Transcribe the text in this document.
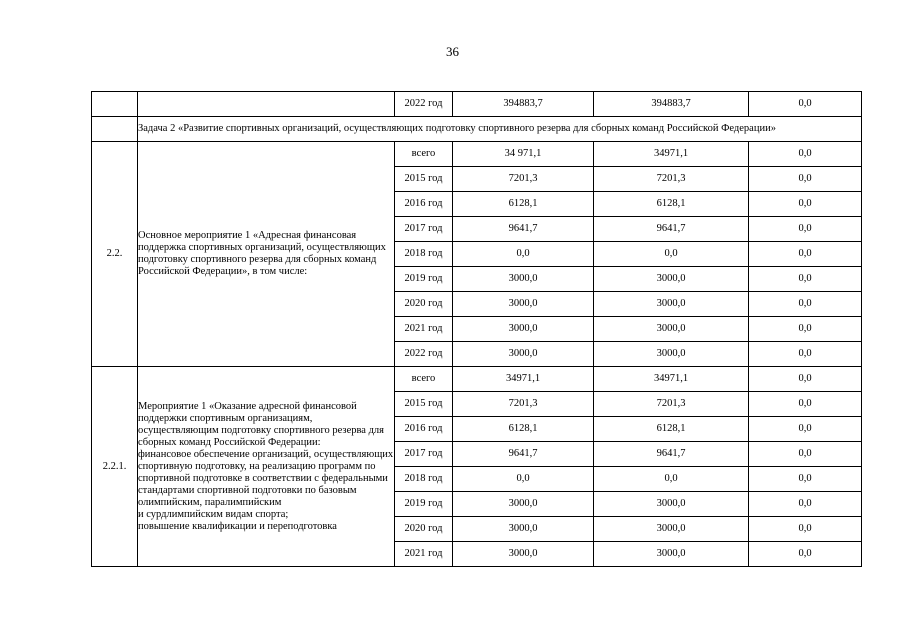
36
		2022 год	394883,7	394883,7	0,0
	Задача 2 «Развитие спортивных организаций, осуществляющих подготовку спортивного резерва для сборных команд Российской Федерации»				
2.2.	Основное мероприятие 1 «Адресная финансовая поддержка спортивных организаций, осуществляющих подготовку спортивного резерва для сборных команд Российской Федерации», в том числе:	всего	34 971,1	34971,1	0,0
		2015 год	7201,3	7201,3	0,0
		2016 год	6128,1	6128,1	0,0
		2017 год	9641,7	9641,7	0,0
		2018 год	0,0	0,0	0,0
		2019 год	3000,0	3000,0	0,0
		2020 год	3000,0	3000,0	0,0
		2021 год	3000,0	3000,0	0,0
		2022 год	3000,0	3000,0	0,0
2.2.1.	Мероприятие 1 «Оказание адресной финансовой поддержки спортивным организациям, осуществляющим подготовку спортивного резерва для сборных команд Российской Федерации:
финансовое обеспечение организаций, осуществляющих спортивную подготовку, на реализацию программ по спортивной подготовке в соответствии с федеральными стандартами спортивной подготовки по базовым олимпийским, паралимпийским
и сурдлимпийским видам спорта;
повышение квалификации и переподготовка	всего	34971,1	34971,1	0,0
		2015 год	7201,3	7201,3	0,0
		2016 год	6128,1	6128,1	0,0
		2017 год	9641,7	9641,7	0,0
		2018 год	0,0	0,0	0,0
		2019 год	3000,0	3000,0	0,0
		2020 год	3000,0	3000,0	0,0
		2021 год	3000,0	3000,0	0,0
